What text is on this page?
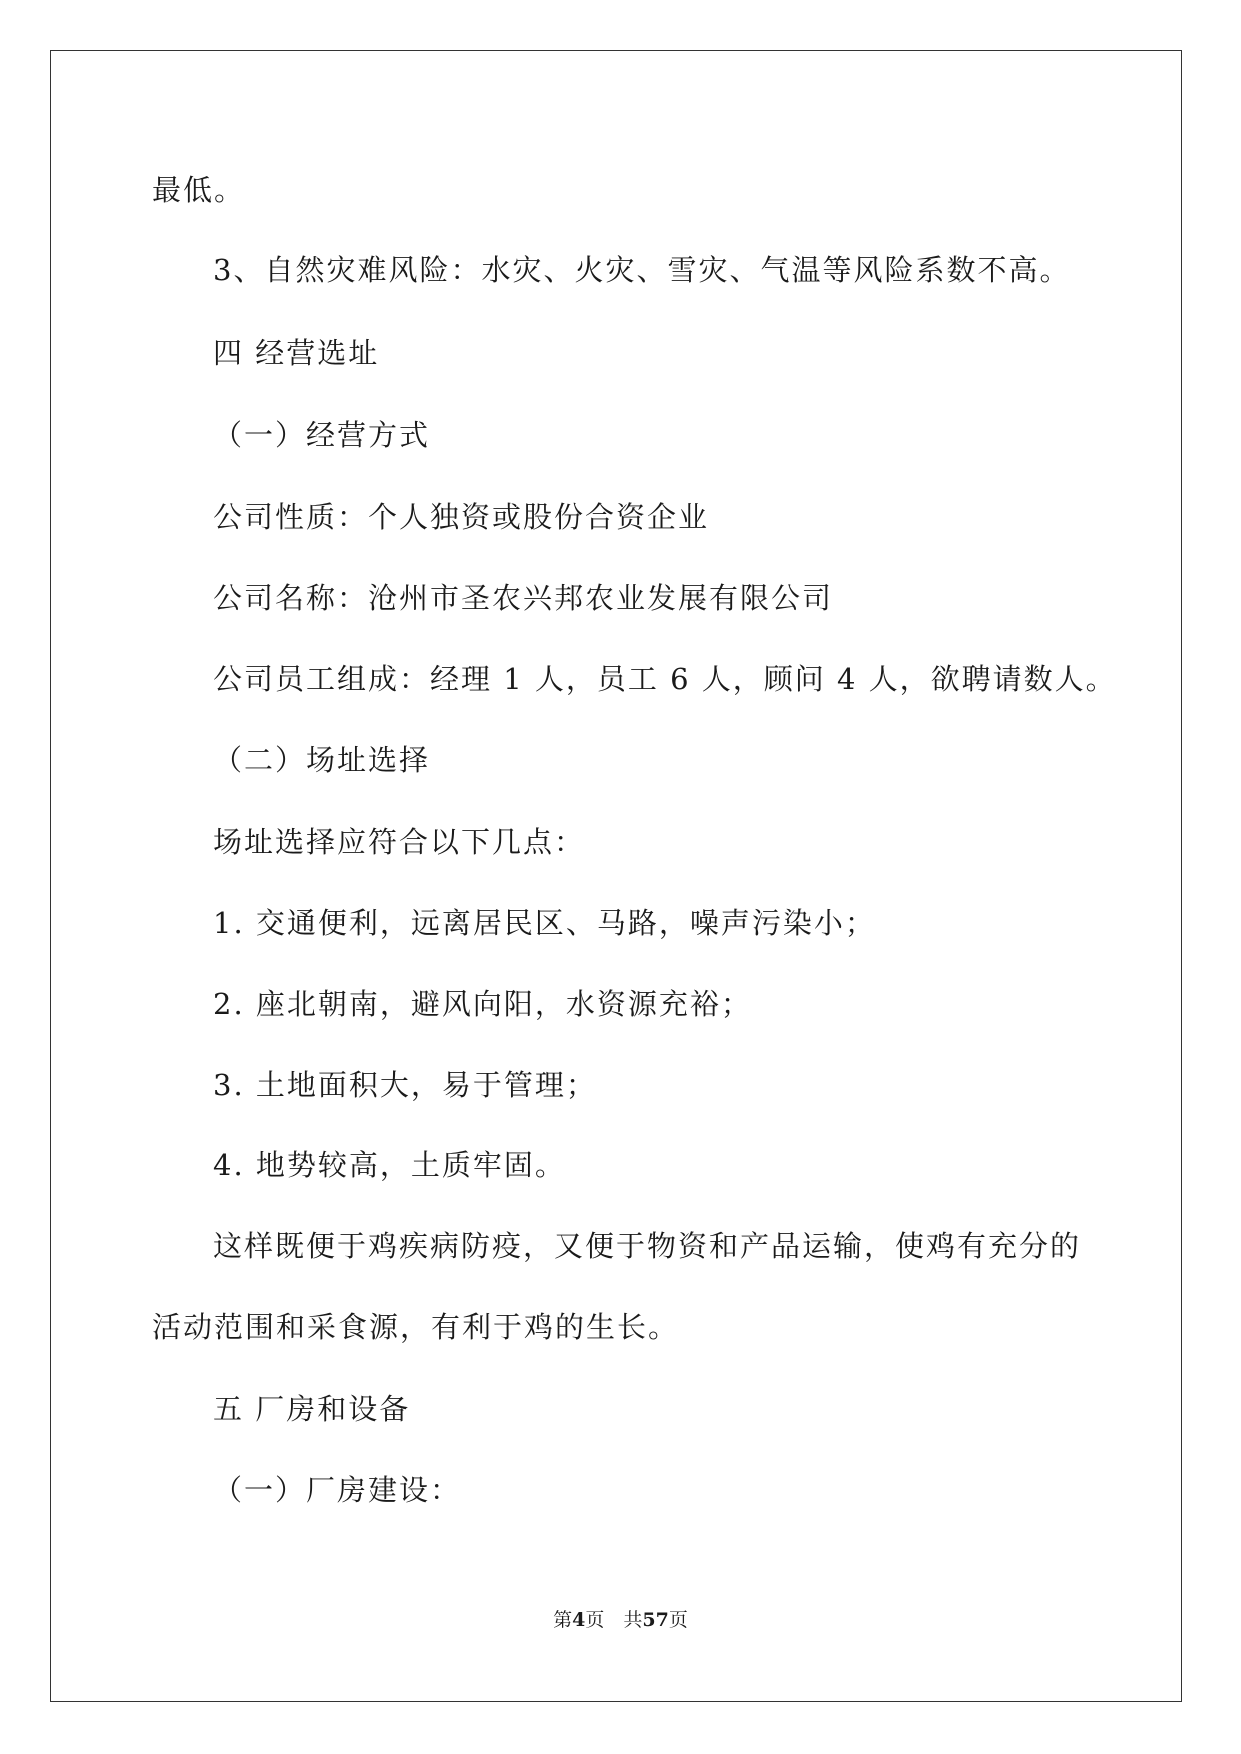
最低。
3、自然灾难风险：水灾、火灾、雪灾、气温等风险系数不高。
四 经营选址
（一）经营方式
公司性质：个人独资或股份合资企业
公司名称：沧州市圣农兴邦农业发展有限公司
公司员工组成：经理 1 人，员工 6 人，顾问 4 人，欲聘请数人。
（二）场址选择
场址选择应符合以下几点：
1. 交通便利，远离居民区、马路，噪声污染小；
2. 座北朝南，避风向阳，水资源充裕；
3. 土地面积大，易于管理；
4. 地势较高，土质牢固。
这样既便于鸡疾病防疫，又便于物资和产品运输，使鸡有充分的
活动范围和采食源，有利于鸡的生长。
五 厂房和设备
（一）厂房建设：
第4页　共57页
